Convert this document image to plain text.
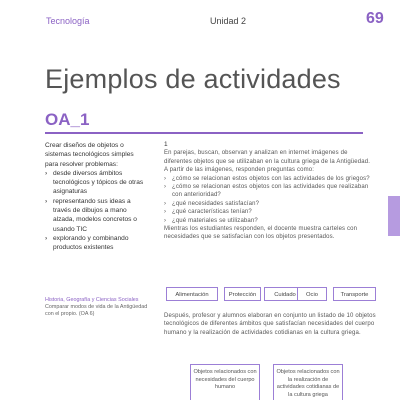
Tecnología	Unidad 2	69
Ejemplos de actividades
OA_1

Crear diseños de objetos o sistemas tecnológicos simples para resolver problemas:

› desde diversos ámbitos tecnológicos y tópicos de otras asignaturas
› representando sus ideas a través de dibujos a mano alzada, modelos concretos o usando TIC
› explorando y combinando productos existentes
Historia, Geografía y Ciencias Sociales
Comparar modos de vida de la Antigüedad con el propio. (OA 6)
1

En parejas, buscan, observan y analizan en internet imágenes de diferentes objetos que se utilizaban en la cultura griega de la Antigüedad. A partir de las imágenes, responden preguntas como:

› ¿cómo se relacionan estos objetos con las actividades de los griegos?
› ¿cómo se relacionan estos objetos con las actividades que realizaban con anterioridad?
› ¿qué necesidades satisfacían?
› ¿qué características tenían?
› ¿qué materiales se utilizaban?

Mientras los estudiantes responden, el docente muestra carteles con necesidades que se satisfacían con los objetos presentados.

Alimentación	Protección	Cuidado	Ocio	Transporte

Después, profesor y alumnos elaboran en conjunto un listado de 10 objetos tecnológicos de diferentes ámbitos que satisfacían necesidades del cuerpo humano y la realización de actividades cotidianas en la cultura griega.

Objetos relacionados con necesidades del cuerpo humano
Objetos relacionados con la realización de actividades cotidianas de la cultura griega
